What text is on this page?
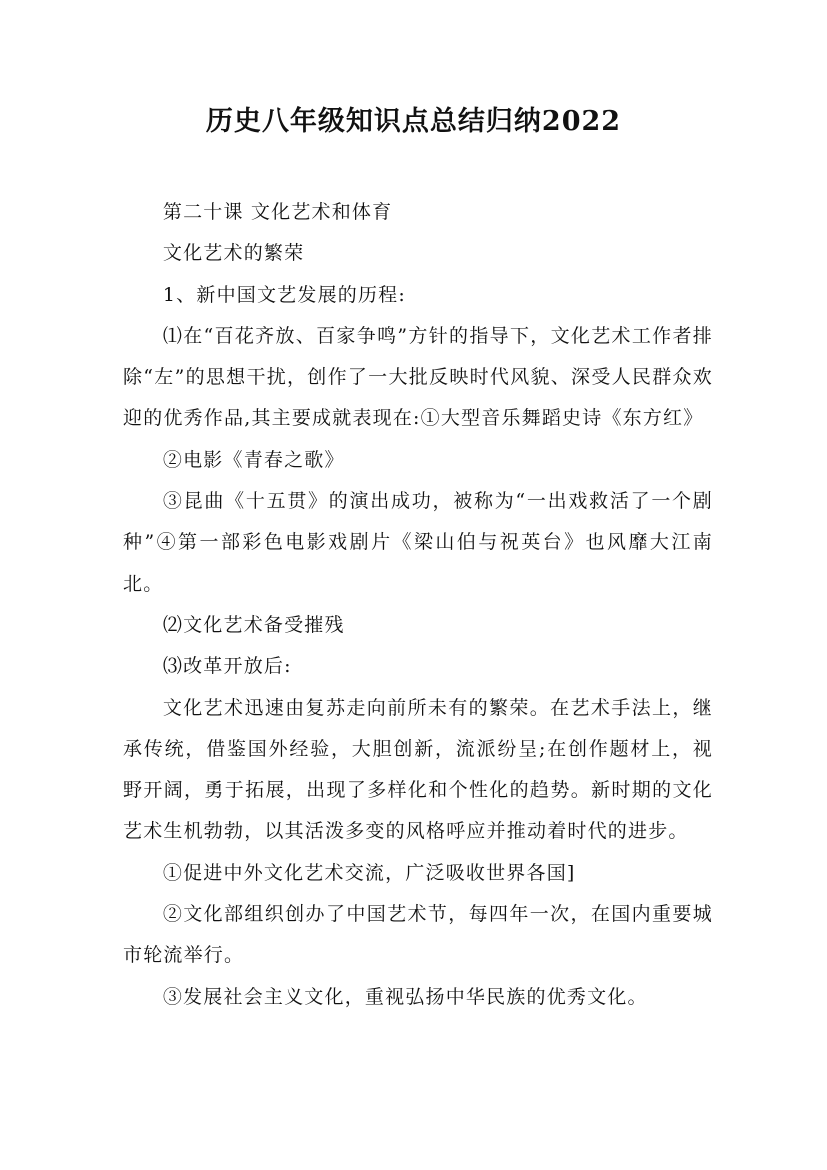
历史八年级知识点总结归纳2022

第二十课 文化艺术和体育

文化艺术的繁荣

1、新中国文艺发展的历程:

⑴在“百花齐放、百家争鸣”方针的指导下，文化艺术工作者排除“左”的思想干扰，创作了一大批反映时代风貌、深受人民群众欢迎的优秀作品,其主要成就表现在:①大型音乐舞蹈史诗《东方红》

②电影《青春之歌》

③昆曲《十五贯》的演出成功，被称为“一出戏救活了一个剧种”④第一部彩色电影戏剧片《梁山伯与祝英台》也风靡大江南北。

⑵文化艺术备受摧残

⑶改革开放后:

文化艺术迅速由复苏走向前所未有的繁荣。在艺术手法上，继承传统，借鉴国外经验，大胆创新，流派纷呈;在创作题材上，视野开阔，勇于拓展，出现了多样化和个性化的趋势。新时期的文化艺术生机勃勃，以其活泼多变的风格呼应并推动着时代的进步。

①促进中外文化艺术交流，广泛吸收世界各国]

②文化部组织创办了中国艺术节，每四年一次，在国内重要城市轮流举行。

③发展社会主义文化，重视弘扬中华民族的优秀文化。
